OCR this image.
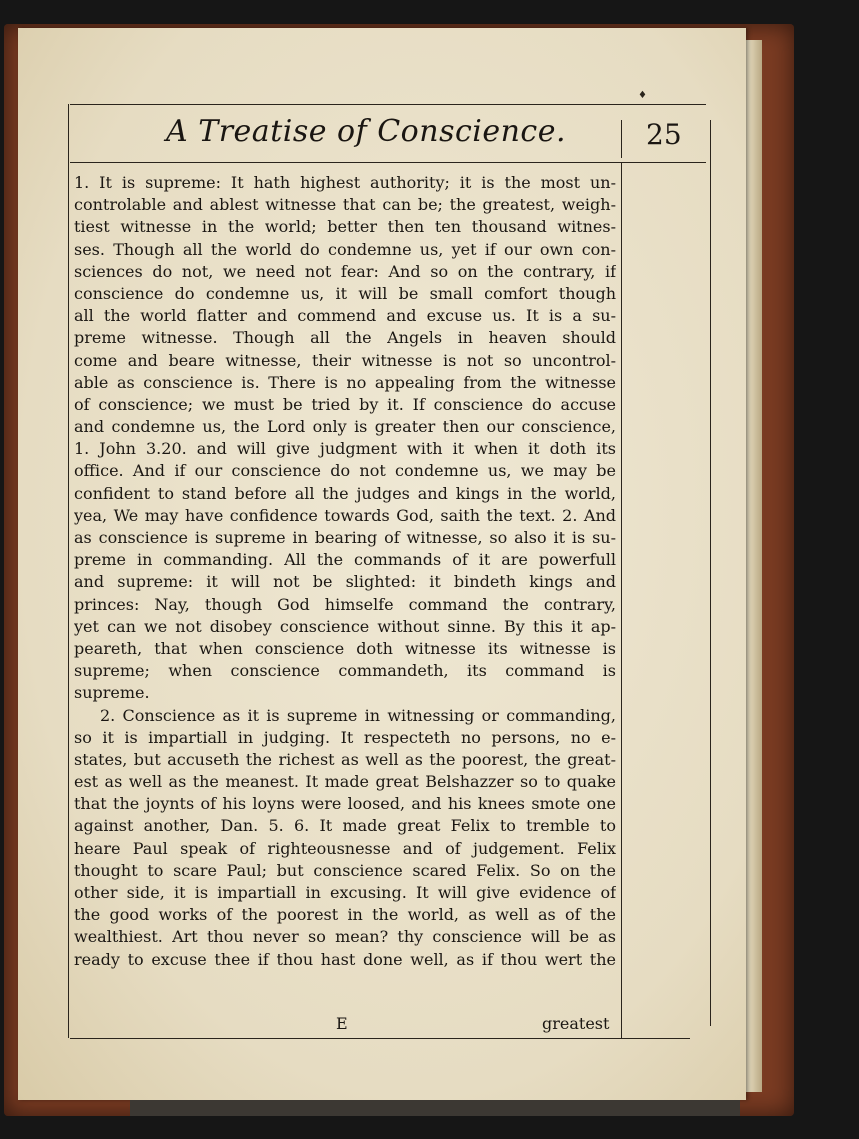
♦
A Treatise of Conscience.	25
1. It is supreme: It hath highest authority; it is the most un-
controlable and ablest witnesse that can be; the greatest, weigh-
tiest witnesse in the world; better then ten thousand witnes-
ses. Though all the world do condemne us, yet if our own con-
sciences do not, we need not fear: And so on the contrary, if
conscience do condemne us, it will be small comfort though
all the world flatter and commend and excuse us. It is a su-
preme witnesse. Though all the Angels in heaven should
come and beare witnesse, their witnesse is not so uncontrol-
able as conscience is. There is no appealing from the witnesse
of conscience; we must be tried by it. If conscience do accuse
and condemne us, the Lord only is greater then our conscience,
1. John 3.20. and will give judgment with it when it doth its
office. And if our conscience do not condemne us, we may be
confident to stand before all the judges and kings in the world,
yea, We may have confidence towards God, saith the text. 2. And
as conscience is supreme in bearing of witnesse, so also it is su-
preme in commanding. All the commands of it are powerfull
and supreme: it will not be slighted: it bindeth kings and
princes: Nay, though God himselfe command the contrary,
yet can we not disobey conscience without sinne. By this it ap-
peareth, that when conscience doth witnesse its witnesse is
supreme; when conscience commandeth, its command is
supreme.
2. Conscience as it is supreme in witnessing or commanding,
so it is impartiall in judging. It respecteth no persons, no e-
states, but accuseth the richest as well as the poorest, the great-
est as well as the meanest. It made great Belshazzer so to quake
that the joynts of his loyns were loosed, and his knees smote one
against another, Dan. 5. 6. It made great Felix to tremble to
heare Paul speak of righteousnesse and of judgement. Felix
thought to scare Paul; but conscience scared Felix. So on the
other side, it is impartiall in excusing. It will give evidence of
the good works of the poorest in the world, as well as of the
wealthiest. Art thou never so mean? thy conscience will be as
ready to excuse thee if thou hast done well, as if thou wert the
E	greatest
